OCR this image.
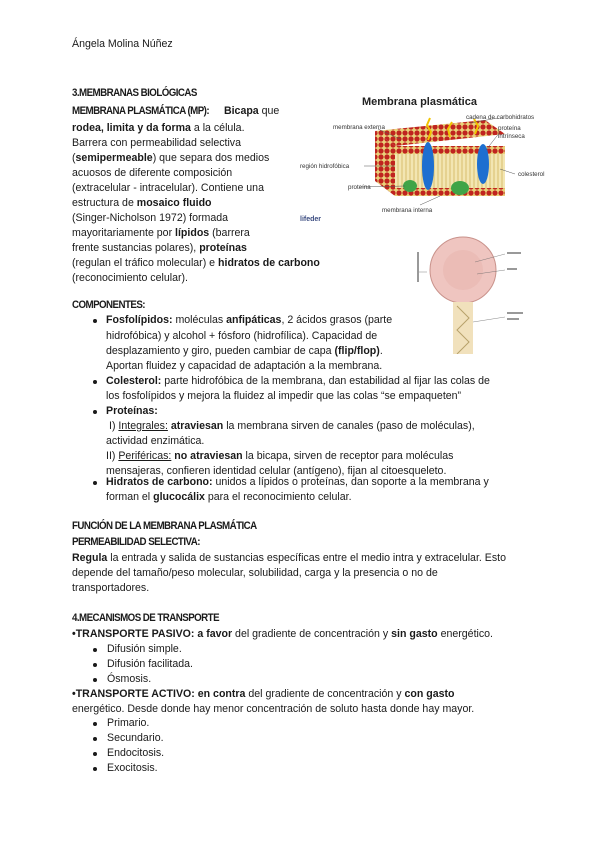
Ángela Molina Núñez
3.MEMBRANAS BIOLÓGICAS
MEMBRANA PLASMÁTICA (MP): Bicapa que
rodea, limita y da forma a la célula.
Barrera con permeabilidad selectiva
(semipermeable) que separa dos medios
acuosos de diferente composición
(extracelular - intracelular). Contiene una
estructura de mosaico fluido
(Singer-Nicholson 1972) formada
mayoritariamente por lípidos (barrera
frente sustancias polares), proteínas
(regulan el tráfico molecular) e hidratos de carbono
(reconocimiento celular).
Membrana plasmática
membrana externa
cadena de carbohidratos
proteína
intrínseca
región hidrofóbica
colesterol
proteína
membrana interna
lifeder
COMPONENTES:
Fosfolípidos: moléculas anfipáticas, 2 ácidos grasos (parte
hidrofóbica) y alcohol + fósforo (hidrofílica). Capacidad de
desplazamiento y giro, pueden cambiar de capa (flip/flop).
Aportan fluidez y capacidad de adaptación a la membrana.
Colesterol: parte hidrofóbica de la membrana, dan estabilidad al fijar las colas de
los fosfolípidos y mejora la fluidez al impedir que las colas “se empaqueten”
Proteínas:
I) Integrales: atraviesan la membrana sirven de canales (paso de moléculas),
actividad enzimática.
II) Periféricas: no atraviesan la bicapa, sirven de receptor para moléculas
mensajeras, confieren identidad celular (antígeno), fijan al citoesqueleto.
Hidratos de carbono: unidos a lípidos o proteínas, dan soporte a la membrana y
forman el glucocálix para el reconocimiento celular.
FUNCIÓN DE LA MEMBRANA PLASMÁTICA
PERMEABILIDAD SELECTIVA:
Regula la entrada y salida de sustancias específicas entre el medio intra y extracelular. Esto
depende del tamaño/peso molecular, solubilidad, carga y la presencia o no de
transportadores.
4.MECANISMOS DE TRANSPORTE
•TRANSPORTE PASIVO: a favor del gradiente de concentración y sin gasto energético.
Difusión simple.
Difusión facilitada.
Ósmosis.
•TRANSPORTE ACTIVO: en contra del gradiente de concentración y con gasto
energético. Desde donde hay menor concentración de soluto hasta donde hay mayor.
Primario.
Secundario.
Endocitosis.
Exocitosis.
